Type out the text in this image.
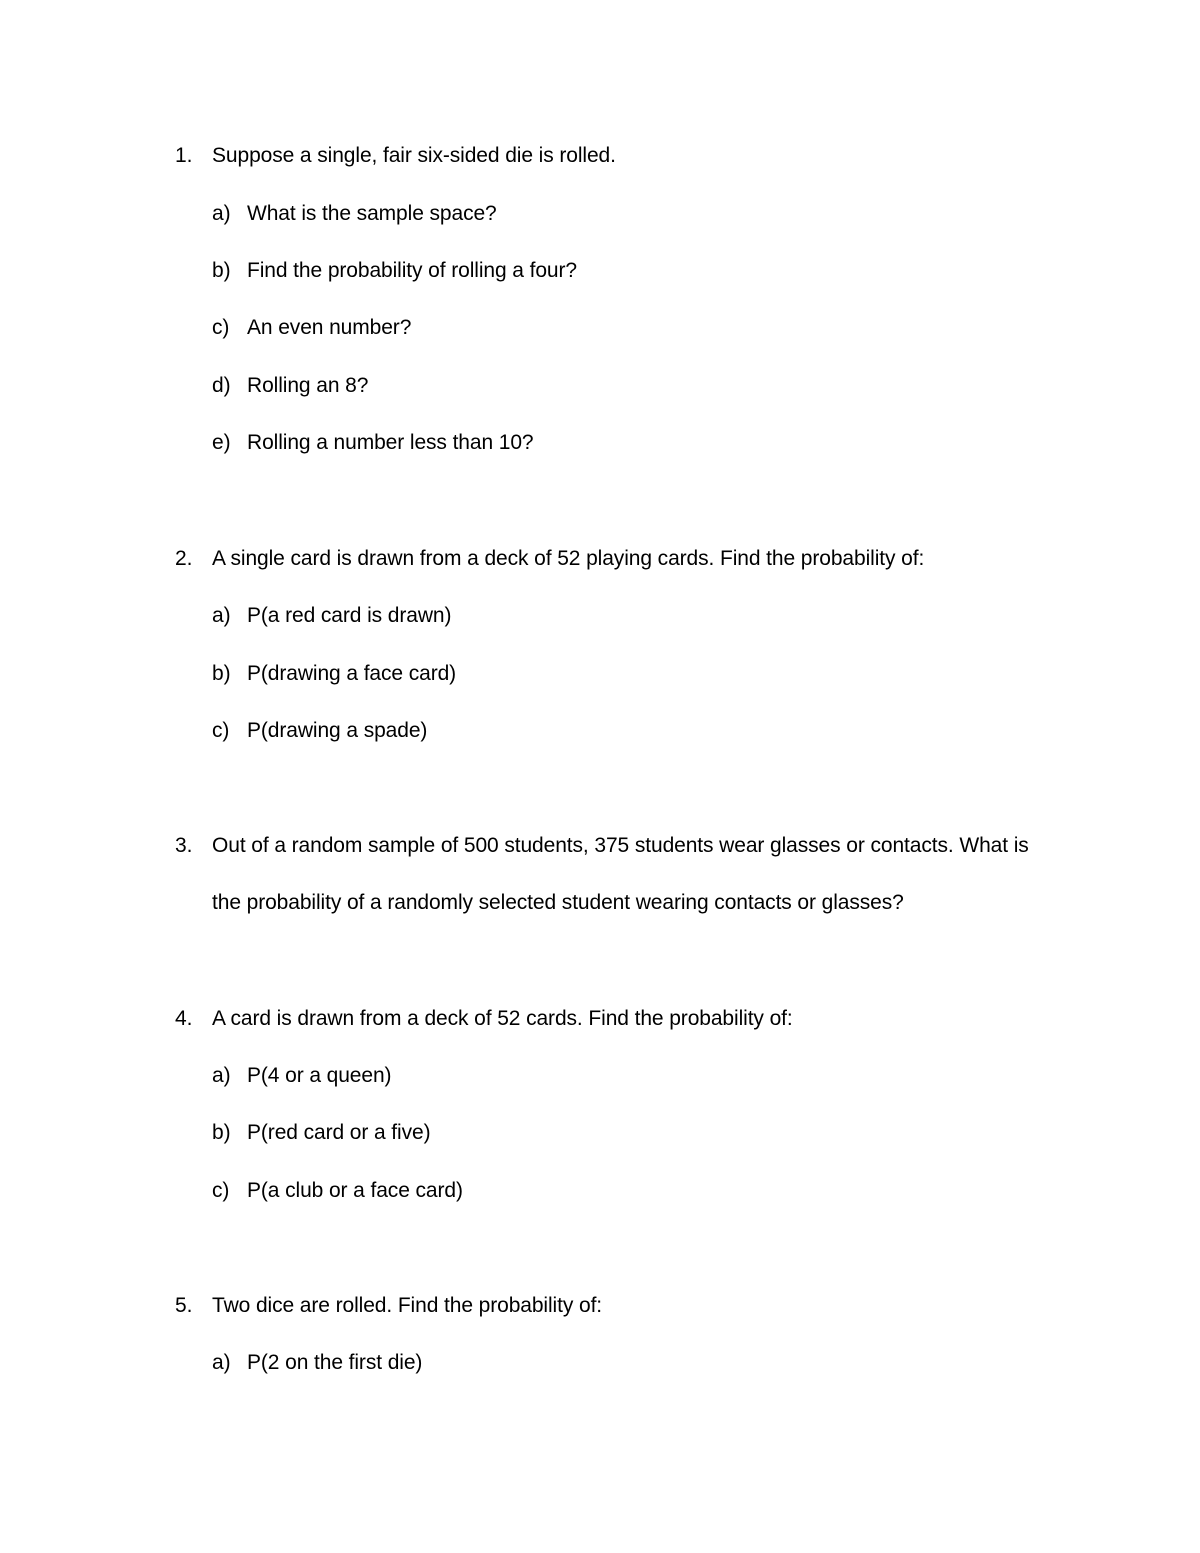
1. Suppose a single, fair six-sided die is rolled.
a) What is the sample space?
b) Find the probability of rolling a four?
c) An even number?
d) Rolling an 8?
e) Rolling a number less than 10?
2. A single card is drawn from a deck of 52 playing cards. Find the probability of:
a) P(a red card is drawn)
b) P(drawing a face card)
c) P(drawing a spade)
3. Out of a random sample of 500 students, 375 students wear glasses or contacts. What is
the probability of a randomly selected student wearing contacts or glasses?
4. A card is drawn from a deck of 52 cards. Find the probability of:
a) P(4 or a queen)
b) P(red card or a five)
c) P(a club or a face card)
5. Two dice are rolled. Find the probability of:
a) P(2 on the first die)
